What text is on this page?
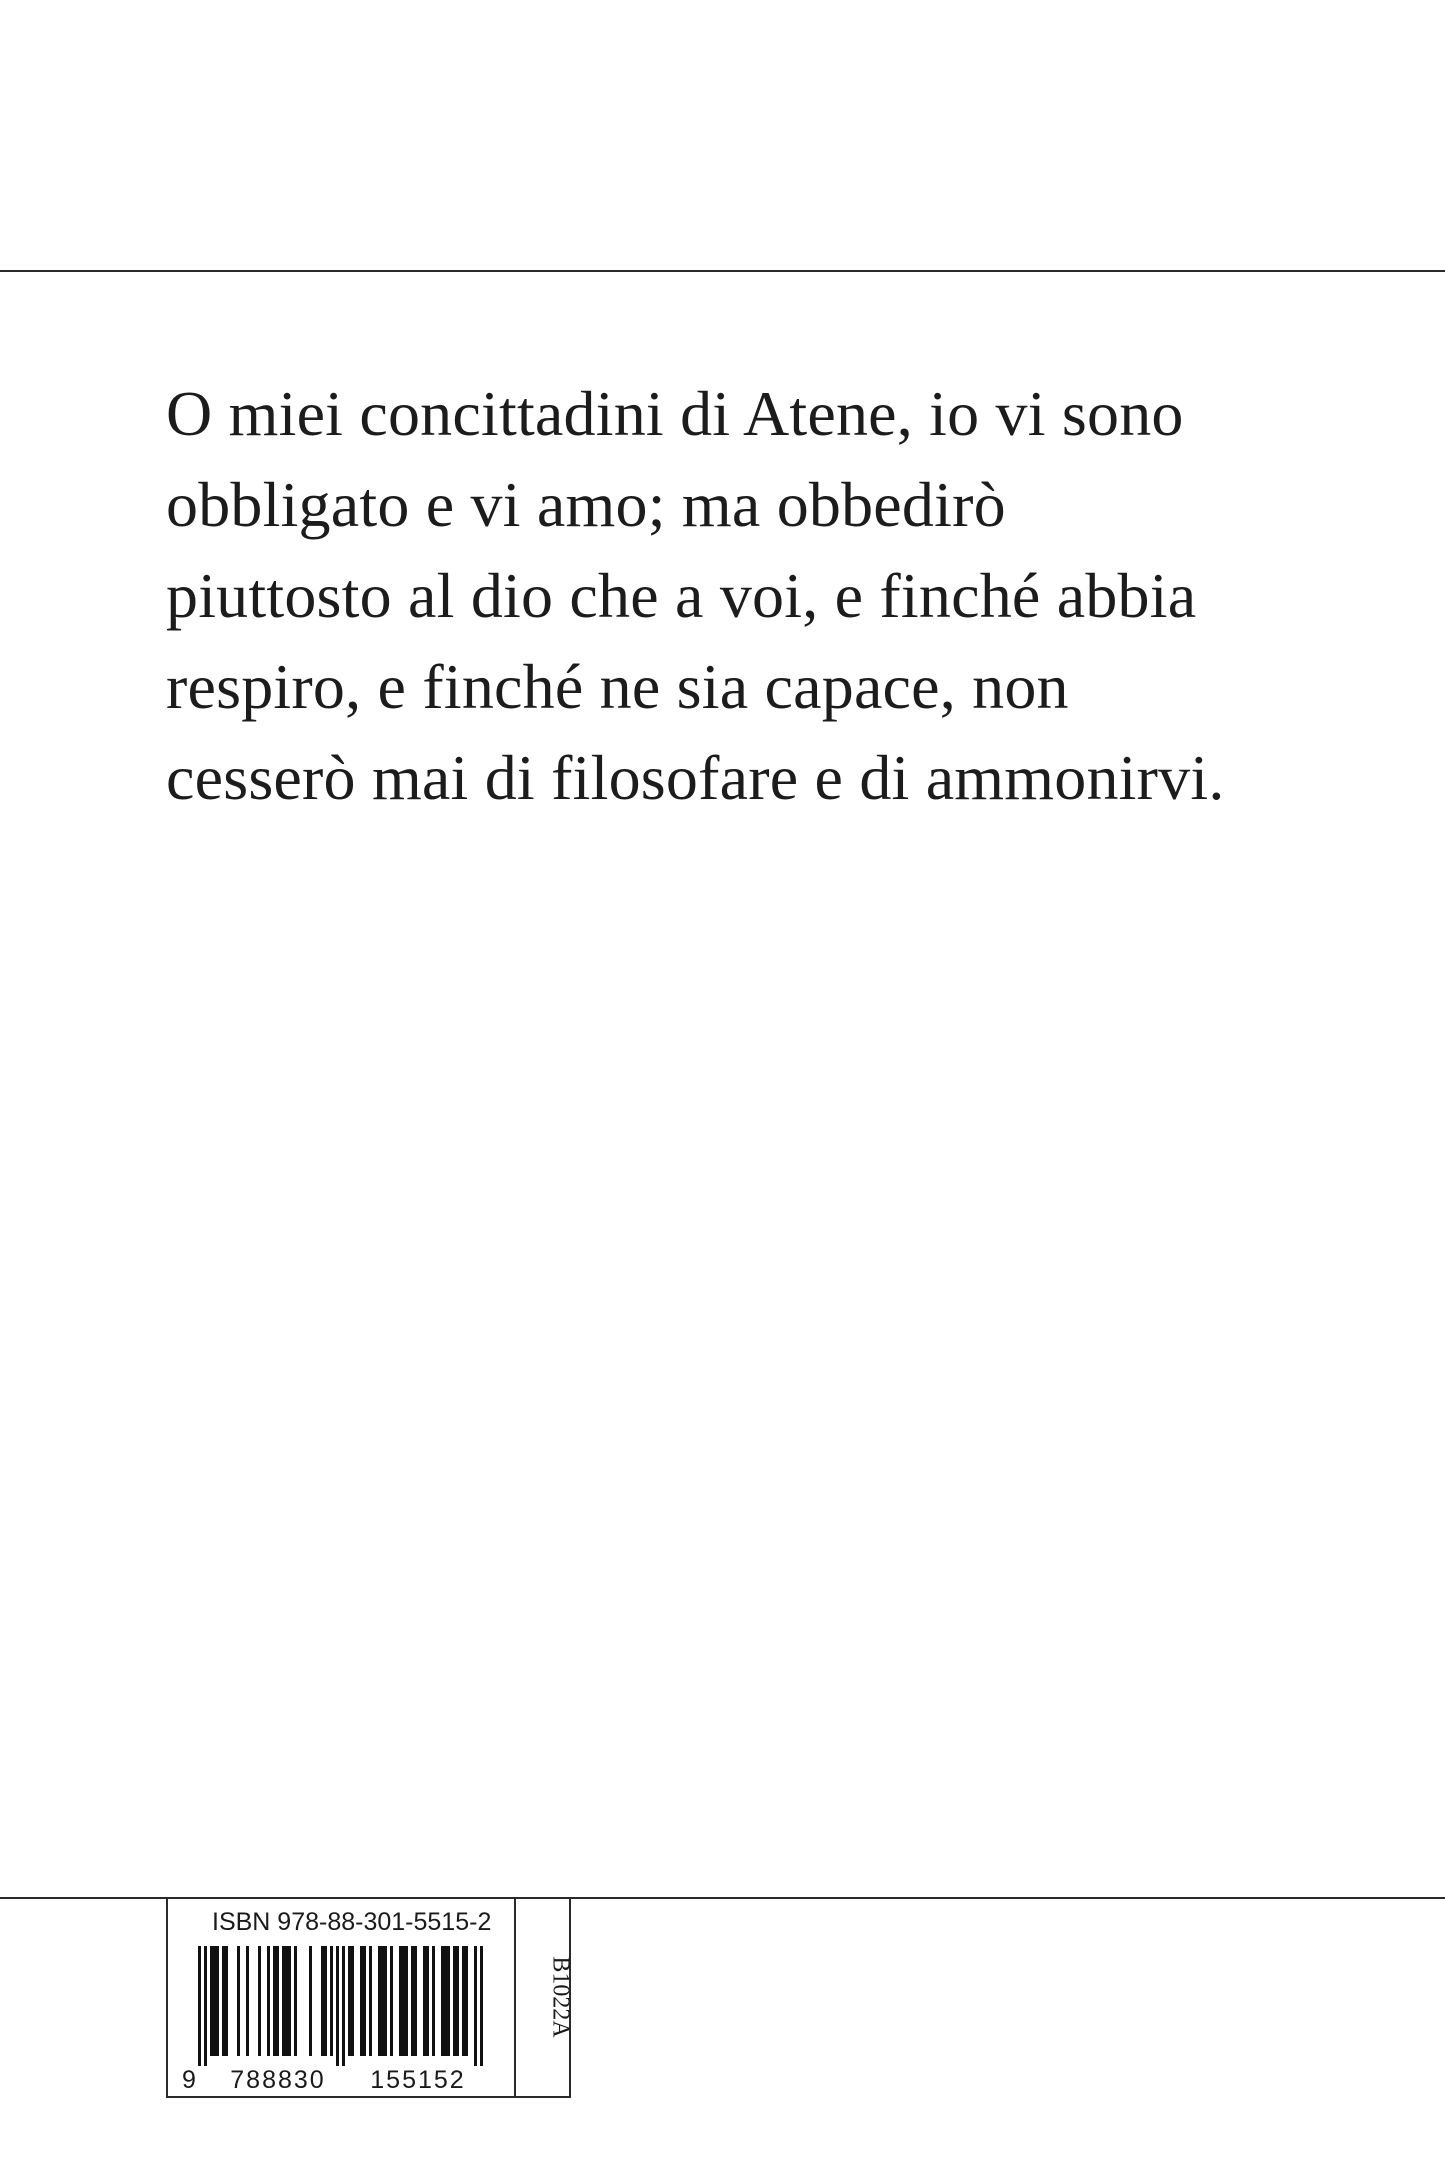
O miei concittadini di Atene, io vi sono
obbligato e vi amo; ma obbedirò
piuttosto al dio che a voi, e finché abbia
respiro, e finché ne sia capace, non
cesserò mai di filosofare e di ammonirvi.
ISBN 978-88-301-5515-2
9 788830 155152
B1022A
